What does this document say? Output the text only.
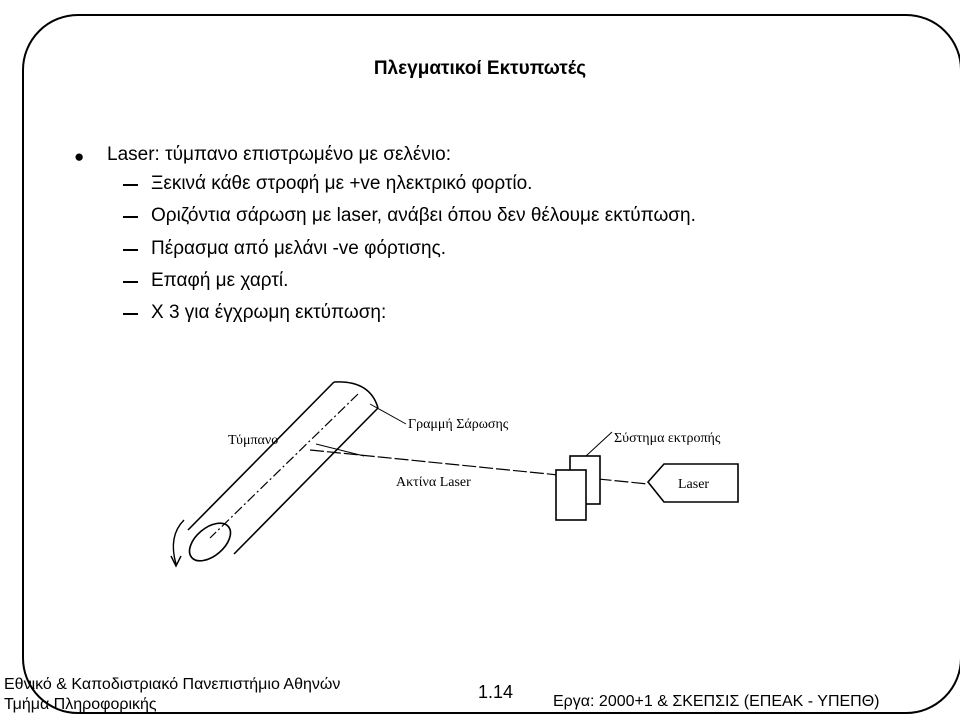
Πλεγματικοί Εκτυπωτές
● Laser: τύμπανο επιστρωμένο με σελένιο:
Ξεκινά κάθε στροφή με +ve ηλεκτρικό φορτίο.
Οριζόντια σάρωση με laser, ανάβει όπου δεν θέλουμε εκτύπωση.
Πέρασμα από μελάνι -ve φόρτισης.
Επαφή με χαρτί.
Χ 3 για έγχρωμη εκτύπωση:
Τύμπανο
Γραμμή Σάρωσης
Σύστημα εκτροπής
Ακτίνα Laser	Laser
Εθνικό & Καποδιστριακό Πανεπιστήμιο Αθηνών
Τμήμα Πληροφορικής
1.14 Εργα: 2000+1 & ΣΚΕΠΣΙΣ (ΕΠΕΑΚ - ΥΠΕΠΘ)
